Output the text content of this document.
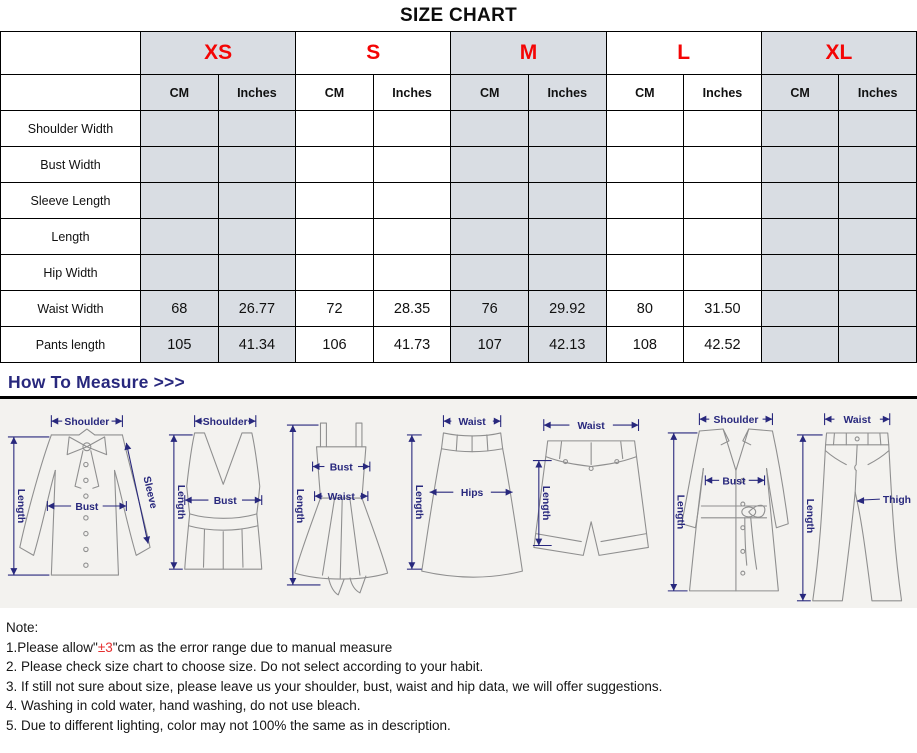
SIZE CHART
	XS		S		M		L		XL	
	CM	Inches	CM	Inches	CM	Inches	CM	Inches	CM	Inches
Shoulder Width										
Bust Width										
Sleeve Length										
Length										
Hip Width										
Waist Width	68	26.77	72	28.35	76	29.92	80	31.50		
Pants length	105	41.34	106	41.73	107	42.13	108	42.52		
How To Measure >>>
Shoulder
Bust
Length	Sleeve
Shoulder
Bust
Length
Bust
Waist
Length
Waist
Hips
Length
Waist
Length
Shoulder
Bust
Length
Waist
Thigh
Length

Note:

1.Please allow"±3"cm as the error range due to manual measure

2. Please check size chart to choose size. Do not select according to your habit.

3. If still not sure about size, please leave us your shoulder, bust, waist and hip data, we will offer suggestions.

4. Washing in cold water, hand washing, do not use bleach.

5. Due to different lighting, color may not 100% the same as in description.
